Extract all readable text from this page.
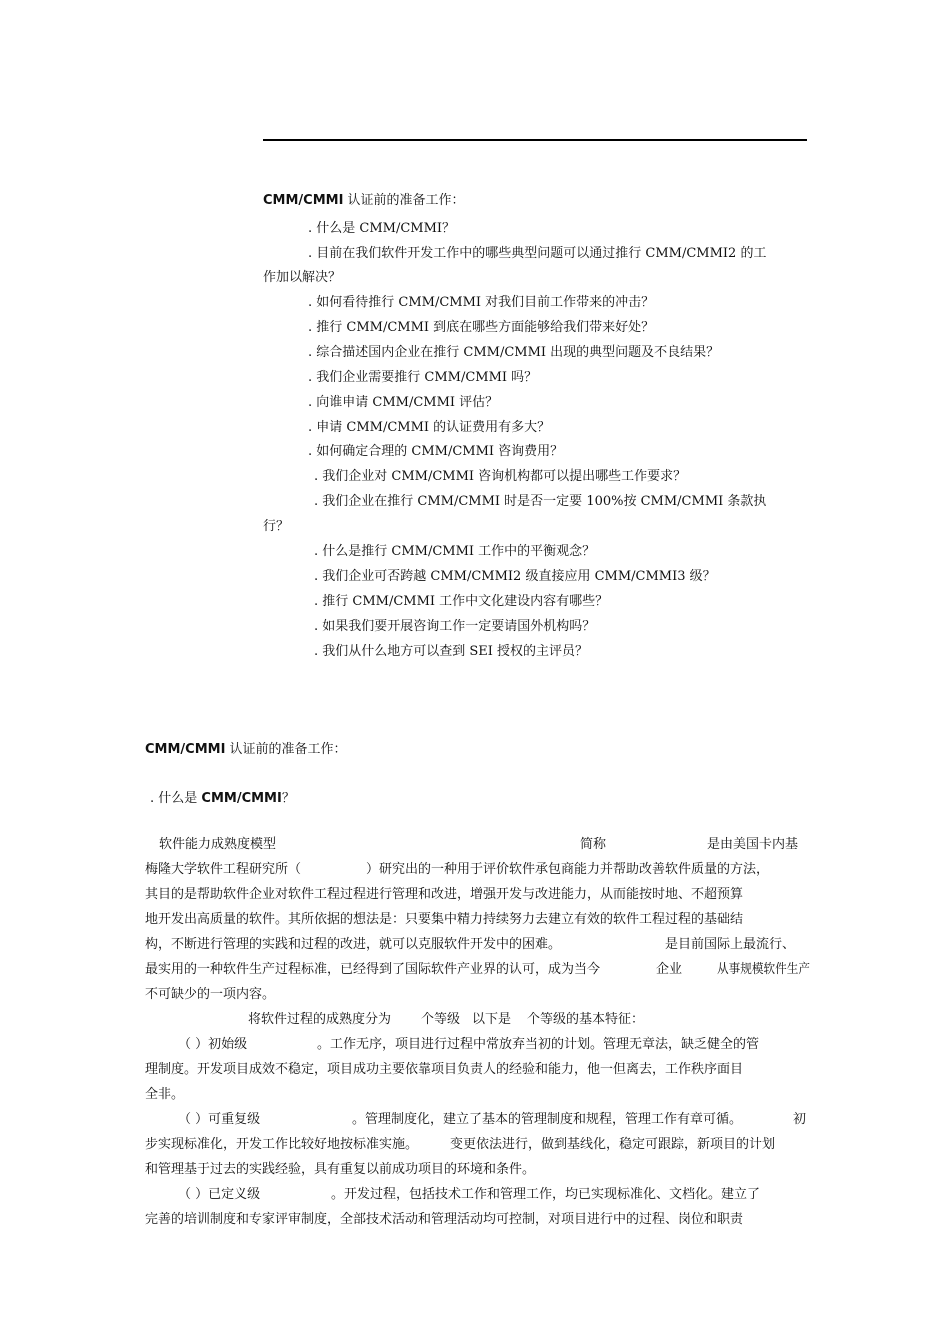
CMM/CMMI 认证前的准备工作：
. 什么是 CMM/CMMI？
. 目前在我们软件开发工作中的哪些典型问题可以通过推行 CMM/CMMI2 的工
作加以解决？
. 如何看待推行 CMM/CMMI 对我们目前工作带来的冲击？
. 推行 CMM/CMMI 到底在哪些方面能够给我们带来好处？
. 综合描述国内企业在推行 CMM/CMMI 出现的典型问题及不良结果？
. 我们企业需要推行 CMM/CMMI 吗？
. 向谁申请 CMM/CMMI 评估？
. 申请 CMM/CMMI 的认证费用有多大？
. 如何确定合理的 CMM/CMMI 咨询费用？
. 我们企业对 CMM/CMMI 咨询机构都可以提出哪些工作要求？
. 我们企业在推行 CMM/CMMI 时是否一定要 100%按 CMM/CMMI 条款执
行？
. 什么是推行 CMM/CMMI 工作中的平衡观念？
. 我们企业可否跨越 CMM/CMMI2 级直接应用 CMM/CMMI3 级？
. 推行 CMM/CMMI 工作中文化建设内容有哪些？
. 如果我们要开展咨询工作一定要请国外机构吗？
. 我们从什么地方可以查到 SEI 授权的主评员？
CMM/CMMI 认证前的准备工作：
. 什么是 CMM/CMMI？
软件能力成熟度模型	简称	是由美国卡内基
梅隆大学软件工程研究所（	）研究出的一种用于评价软件承包商能力并帮助改善软件质量的方法，
其目的是帮助软件企业对软件工程过程进行管理和改进，增强开发与改进能力，从而能按时地、不超预算
地开发出高质量的软件。其所依据的想法是：只要集中精力持续努力去建立有效的软件工程过程的基础结
构，不断进行管理的实践和过程的改进，就可以克服软件开发中的困难。	是目前国际上最流行、
最实用的一种软件生产过程标准，已经得到了国际软件产业界的认可，成为当今	企业	从事规模软件生产
不可缺少的一项内容。
将软件过程的成熟度分为 个等级 以下是 个等级的基本特征：
（ ）初始级	。工作无序，项目进行过程中常放弃当初的计划。管理无章法，缺乏健全的管
理制度。开发项目成效不稳定，项目成功主要依靠项目负责人的经验和能力，他一但离去，工作秩序面目
全非。
（ ）可重复级	。管理制度化，建立了基本的管理制度和规程，管理工作有章可循。	初
步实现标准化，开发工作比较好地按标准实施。 变更依法进行，做到基线化，稳定可跟踪，新项目的计划
和管理基于过去的实践经验，具有重复以前成功项目的环境和条件。
（ ）已定义级	。开发过程，包括技术工作和管理工作，均已实现标准化、文档化。建立了
完善的培训制度和专家评审制度，全部技术活动和管理活动均可控制，对项目进行中的过程、岗位和职责
